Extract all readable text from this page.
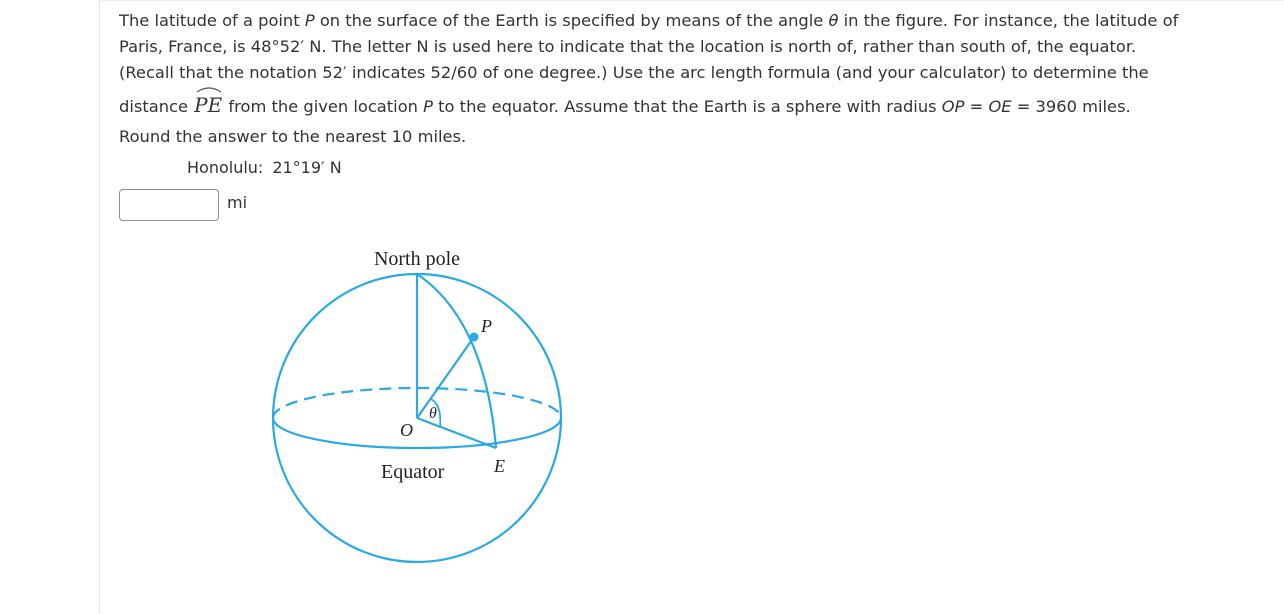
The latitude of a point P on the surface of the Earth is specified by means of the angle θ in the figure. For instance, the latitude of
Paris, France, is 48°52′ N. The letter N is used here to indicate that the location is north of, rather than south of, the equator.
(Recall that the notation 52′ indicates 52/60 of one degree.) Use the arc length formula (and your calculator) to determine the
distance
PE from the given location P to the equator. Assume that the Earth is a sphere with radius OP = OE = 3960 miles.
Round the answer to the nearest 10 miles.
Honolulu: 21°19′ N
mi
North pole
P
O
θ
Equator	E
